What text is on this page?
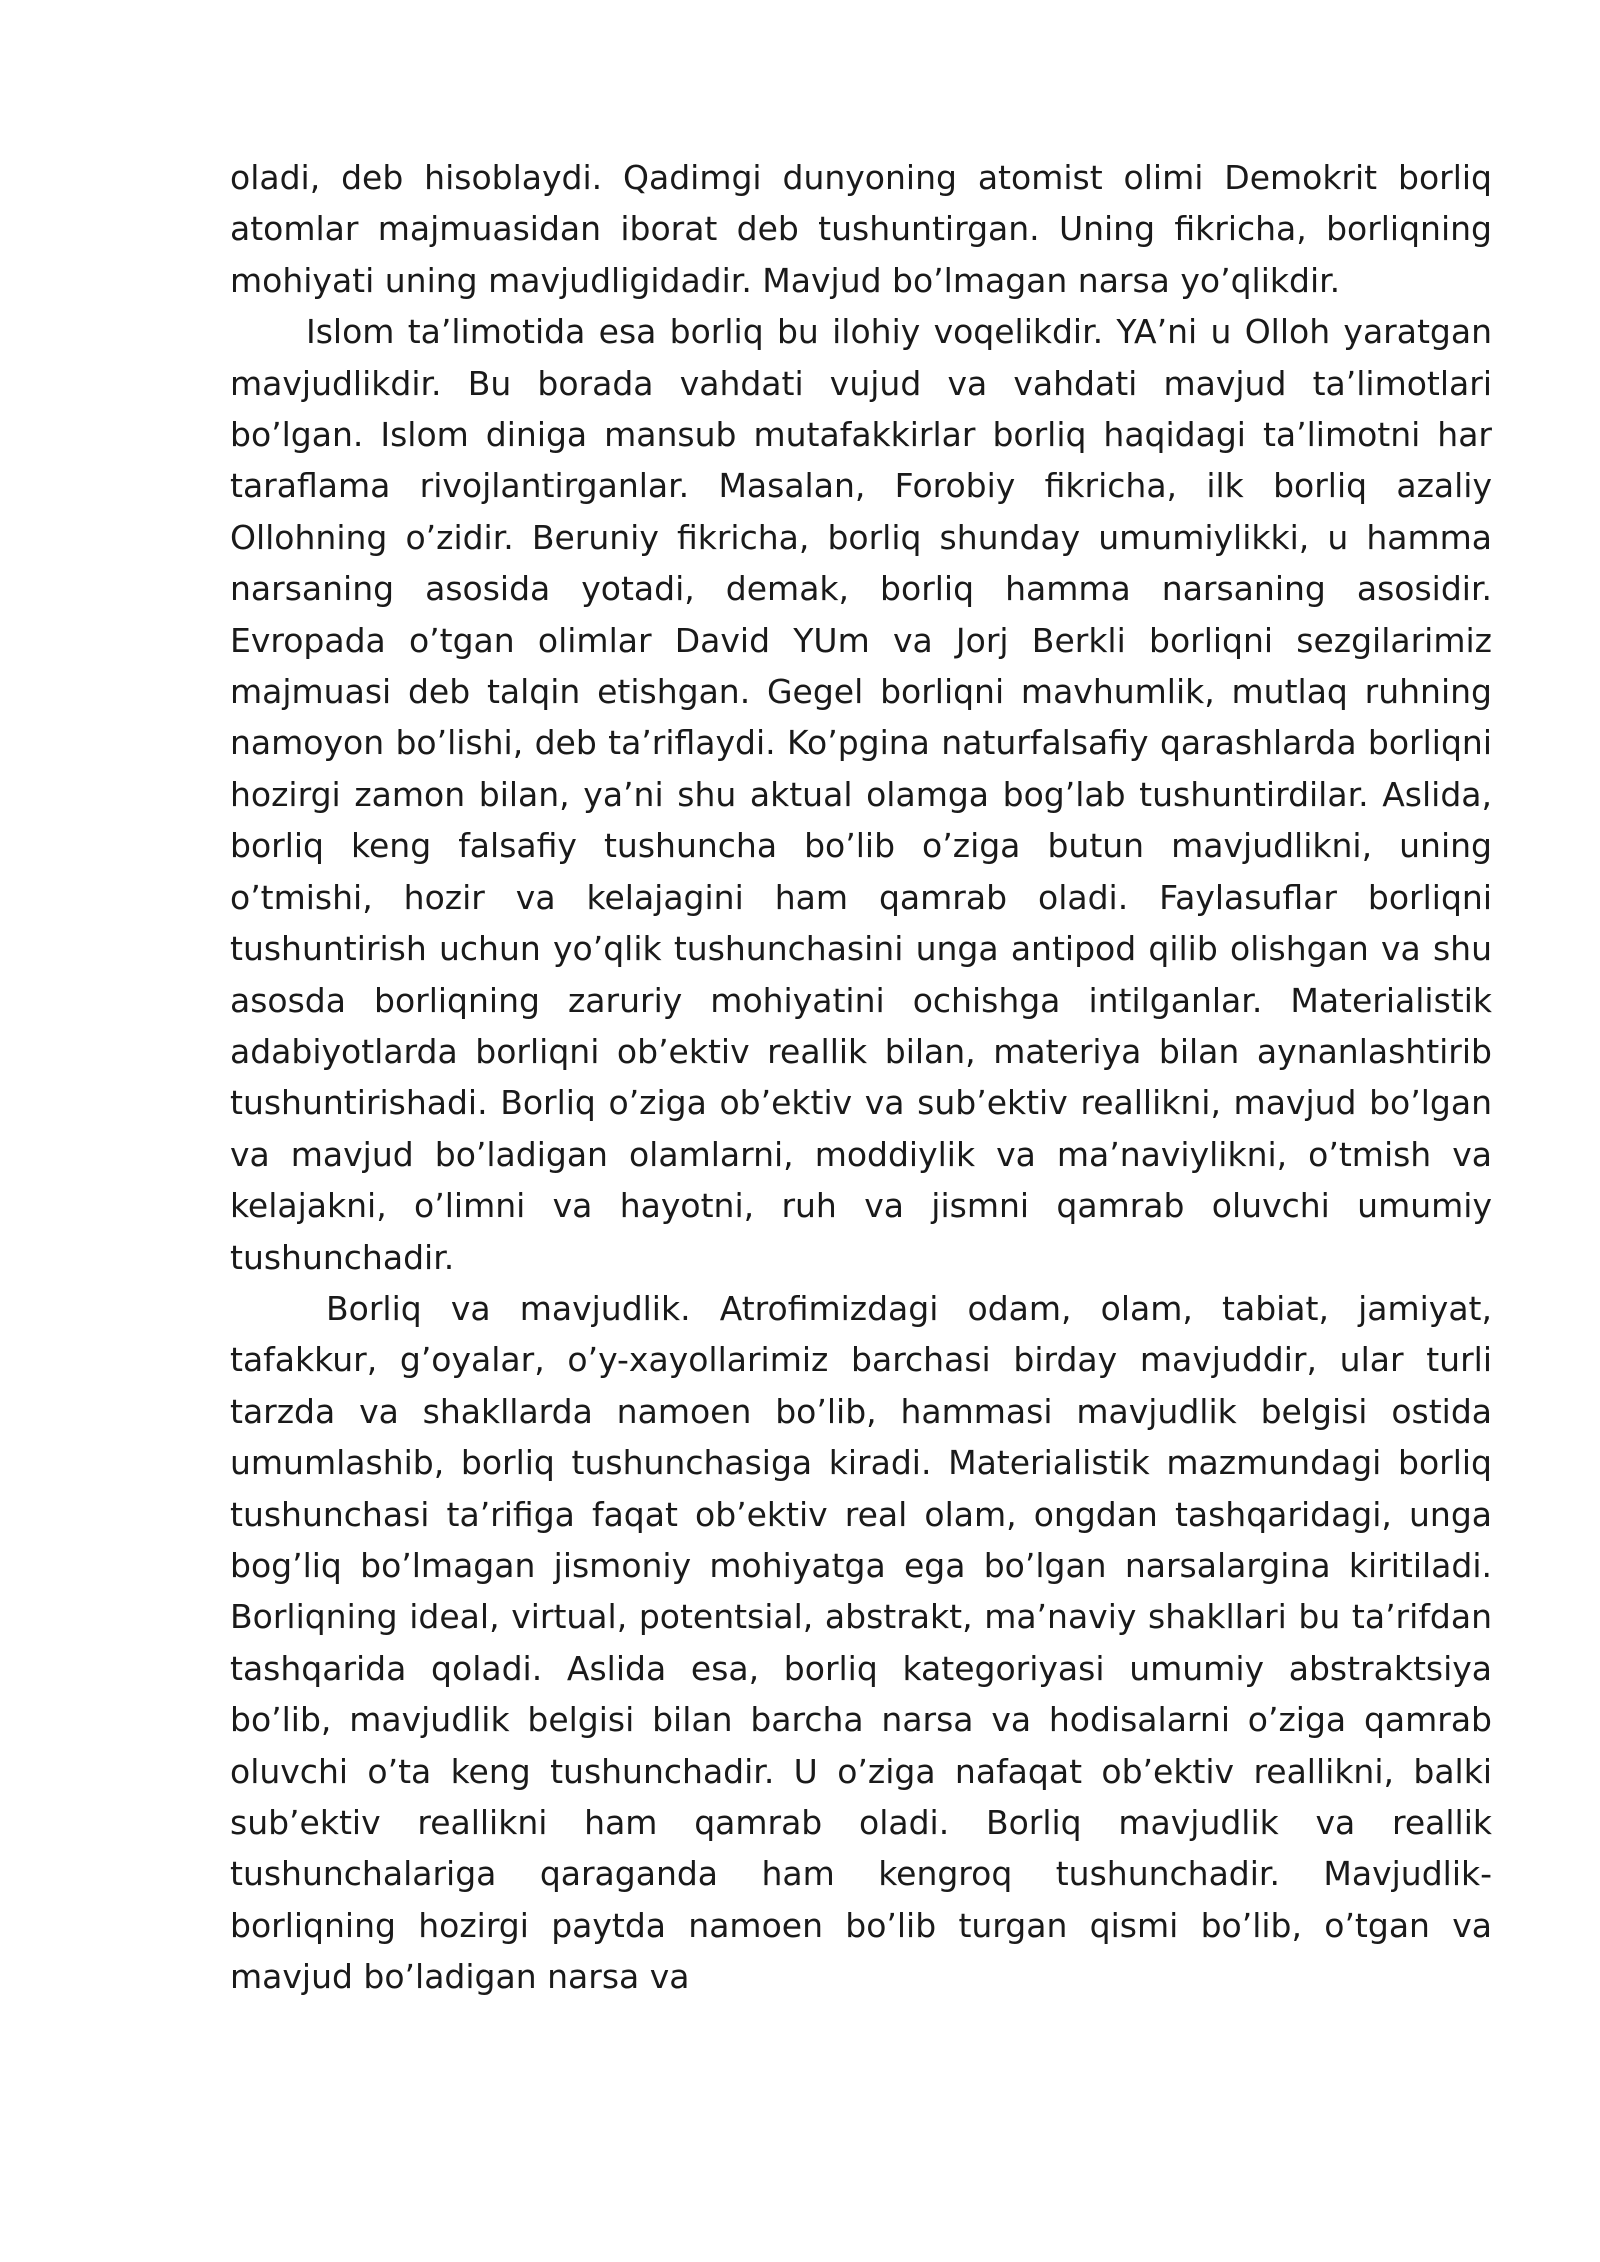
oladi, deb hisoblaydi. Qadimgi dunyoning atomist olimi Demokrit borliq atomlar majmuasidan iborat deb tushuntirgan. Uning fikricha, borliqning mohiyati uning mavjudligidadir. Mavjud bo’lmagan narsa yo’qlikdir.

Islom ta’limotida esa borliq bu ilohiy voqelikdir. YA’ni u Olloh yaratgan mavjudlikdir. Bu borada vahdati vujud va vahdati mavjud ta’limotlari bo’lgan. Islom diniga mansub mutafakkirlar borliq haqidagi ta’limotni har taraflama rivojlantirganlar. Masalan, Forobiy fikricha, ilk borliq azaliy Ollohning o’zidir. Beruniy fikricha, borliq shunday umumiylikki, u hamma narsaning asosida yotadi, demak, borliq hamma narsaning asosidir. Evropada o’tgan olimlar David YUm va Jorj Berkli borliqni sezgilarimiz majmuasi deb talqin etishgan. Gegel borliqni mavhumlik, mutlaq ruhning namoyon bo’lishi, deb ta’riflaydi. Ko’pgina naturfalsafiy qarashlarda borliqni hozirgi zamon bilan, ya’ni shu aktual olamga bog’lab tushuntirdilar. Aslida, borliq keng falsafiy tushuncha bo’lib o’ziga butun mavjudlikni, uning o’tmishi, hozir va kelajagini ham qamrab oladi. Faylasuflar borliqni tushuntirish uchun yo’qlik tushunchasini unga antipod qilib olishgan va shu asosda borliqning zaruriy mohiyatini ochishga intilganlar. Materialistik adabiyotlarda borliqni ob’ektiv reallik bilan, materiya bilan aynanlashtirib tushuntirishadi. Borliq o’ziga ob’ektiv va sub’ektiv reallikni, mavjud bo’lgan va mavjud bo’ladigan olamlarni, moddiylik va ma’naviylikni, o’tmish va kelajakni, o’limni va hayotni, ruh va jismni qamrab oluvchi umumiy tushunchadir.

Borliq va mavjudlik. Atrofimizdagi odam, olam, tabiat, jamiyat, tafakkur, g’oyalar, o’y-xayollarimiz barchasi birday mavjuddir, ular turli tarzda va shakllarda namoen bo’lib, hammasi mavjudlik belgisi ostida umumlashib, borliq tushunchasiga kiradi. Materialistik mazmundagi borliq tushunchasi ta’rifiga faqat ob’ektiv real olam, ongdan tashqaridagi, unga bog’liq bo’lmagan jismoniy mohiyatga ega bo’lgan narsalargina kiritiladi. Borliqning ideal, virtual, potentsial, abstrakt, ma’naviy shakllari bu ta’rifdan tashqarida qoladi. Aslida esa, borliq kategoriyasi umumiy abstraktsiya bo’lib, mavjudlik belgisi bilan barcha narsa va hodisalarni o’ziga qamrab oluvchi o’ta keng tushunchadir. U o’ziga nafaqat ob’ektiv reallikni, balki sub’ektiv reallikni ham qamrab oladi. Borliq mavjudlik va reallik tushunchalariga qaraganda ham kengroq tushunchadir. Mavjudlik-borliqning hozirgi paytda namoen bo’lib turgan qismi bo’lib, o’tgan va mavjud bo’ladigan narsa va
